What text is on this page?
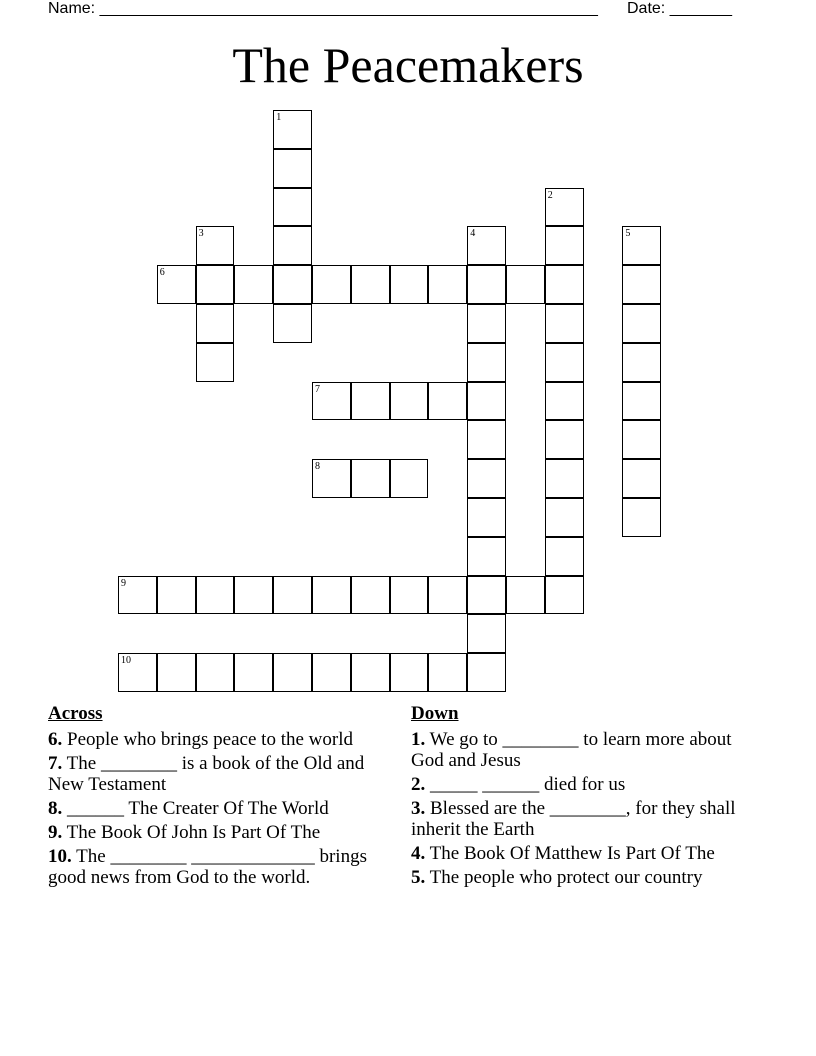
Name: ________________________________________________________ Date: _______
The Peacemakers
1
2
3	4	5
6
7
8
9
10
Across
6. People who brings peace to the world
7. The ________ is a book of the Old and New Testament
8. ______ The Creater Of The World
9. The Book Of John Is Part Of The
10. The ________ _____________ brings good news from God to the world.
Down
1. We go to ________ to learn more about God and Jesus
2. _____ ______ died for us
3. Blessed are the ________, for they shall inherit the Earth
4. The Book Of Matthew Is Part Of The
5. The people who protect our country
